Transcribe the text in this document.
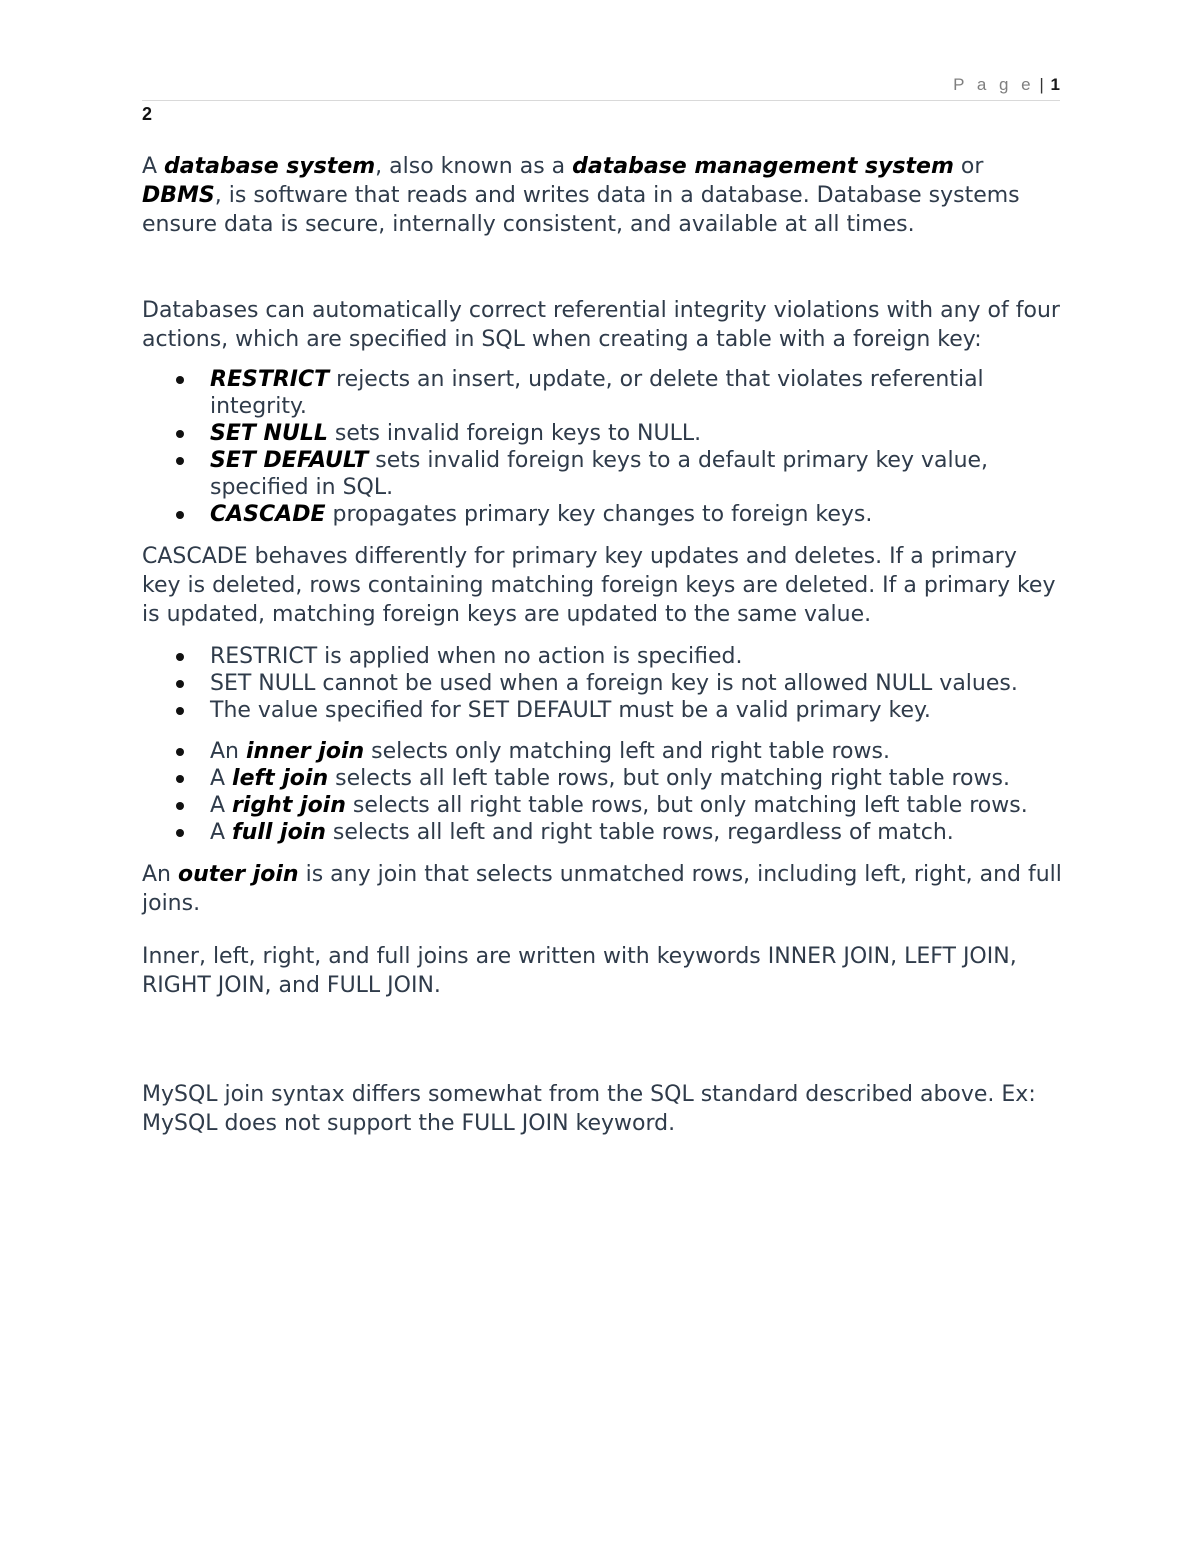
P a g e | 1
2

A database system, also known as a database management system or DBMS, is software that reads and writes data in a database. Database systems ensure data is secure, internally consistent, and available at all times.

Databases can automatically correct referential integrity violations with any of four actions, which are specified in SQL when creating a table with a foreign key:

RESTRICT rejects an insert, update, or delete that violates referential integrity.
SET NULL sets invalid foreign keys to NULL.
SET DEFAULT sets invalid foreign keys to a default primary key value, specified in SQL.
CASCADE propagates primary key changes to foreign keys.

CASCADE behaves differently for primary key updates and deletes. If a primary key is deleted, rows containing matching foreign keys are deleted. If a primary key is updated, matching foreign keys are updated to the same value.

RESTRICT is applied when no action is specified.
SET NULL cannot be used when a foreign key is not allowed NULL values.
The value specified for SET DEFAULT must be a valid primary key.
An inner join selects only matching left and right table rows.
A left join selects all left table rows, but only matching right table rows.
A right join selects all right table rows, but only matching left table rows.
A full join selects all left and right table rows, regardless of match.

An outer join is any join that selects unmatched rows, including left, right, and full joins.

Inner, left, right, and full joins are written with keywords INNER JOIN, LEFT JOIN, RIGHT JOIN, and FULL JOIN.

MySQL join syntax differs somewhat from the SQL standard described above. Ex: MySQL does not support the FULL JOIN keyword.
